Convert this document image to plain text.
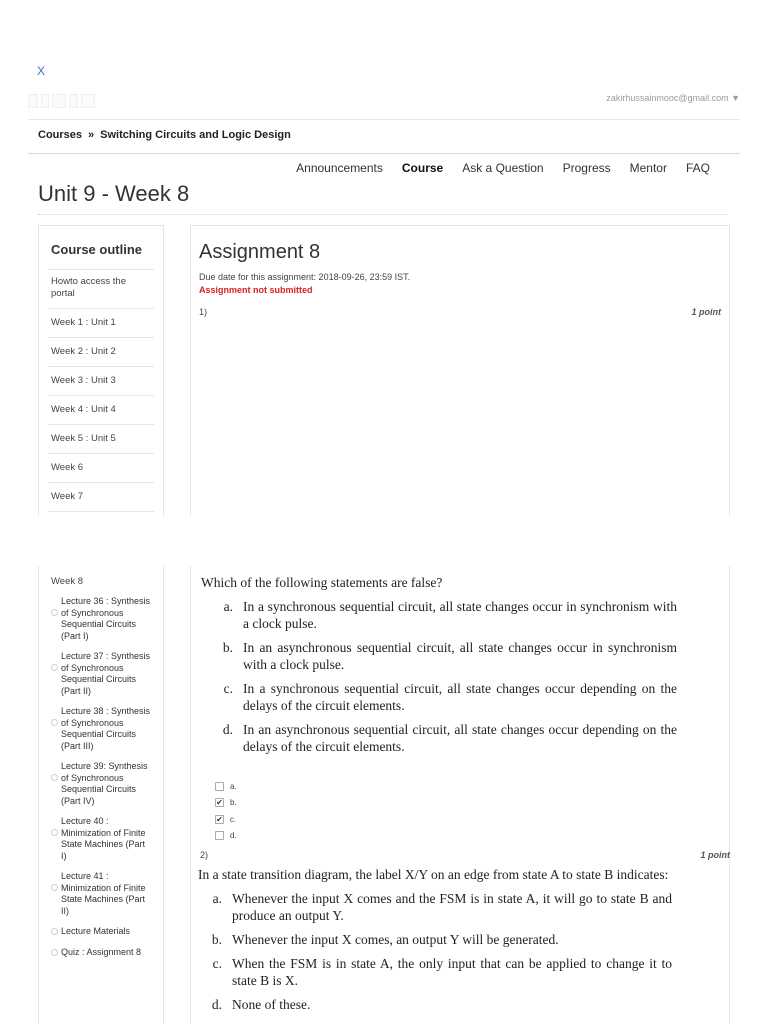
X
zakirhussainmooc@gmail.com ▼
Courses » Switching Circuits and Logic Design
Announcements Course Ask a Question Progress Mentor FAQ
Unit 9 - Week 8
Course outline
Howto access the portal
Week 1 : Unit 1
Week 2 : Unit 2
Week 3 : Unit 3
Week 4 : Unit 4
Week 5 : Unit 5
Week 6
Week 7
Assignment 8
Due date for this assignment: 2018-09-26, 23:59 IST.
Assignment not submitted
1)	1 point
Week 8
Lecture 36 : Synthesis of Synchronous Sequential Circuits (Part I)
Lecture 37 : Synthesis of Synchronous Sequential Circuits (Part II)
Lecture 38 : Synthesis of Synchronous Sequential Circuits (Part III)
Lecture 39: Synthesis of Synchronous Sequential Circuits (Part IV)
Lecture 40 : Minimization of Finite State Machines (Part I)
Lecture 41 : Minimization of Finite State Machines (Part II)
Lecture Materials
Quiz : Assignment 8
Which of the following statements are false?
a. In a synchronous sequential circuit, all state changes occur in synchronism with a clock pulse.
b. In an asynchronous sequential circuit, all state changes occur in synchronism with a clock pulse.
c. In a synchronous sequential circuit, all state changes occur depending on the delays of the circuit elements.
d. In an asynchronous sequential circuit, all state changes occur depending on the delays of the circuit elements.
a.
✔ b.
✔ c.
d.
2)	1 point
In a state transition diagram, the label X/Y on an edge from state A to state B indicates:
a. Whenever the input X comes and the FSM is in state A, it will go to state B and produce an output Y.
b. Whenever the input X comes, an output Y will be generated.
c. When the FSM is in state A, the only input that can be applied to change it to state B is X.
d. None of these.
